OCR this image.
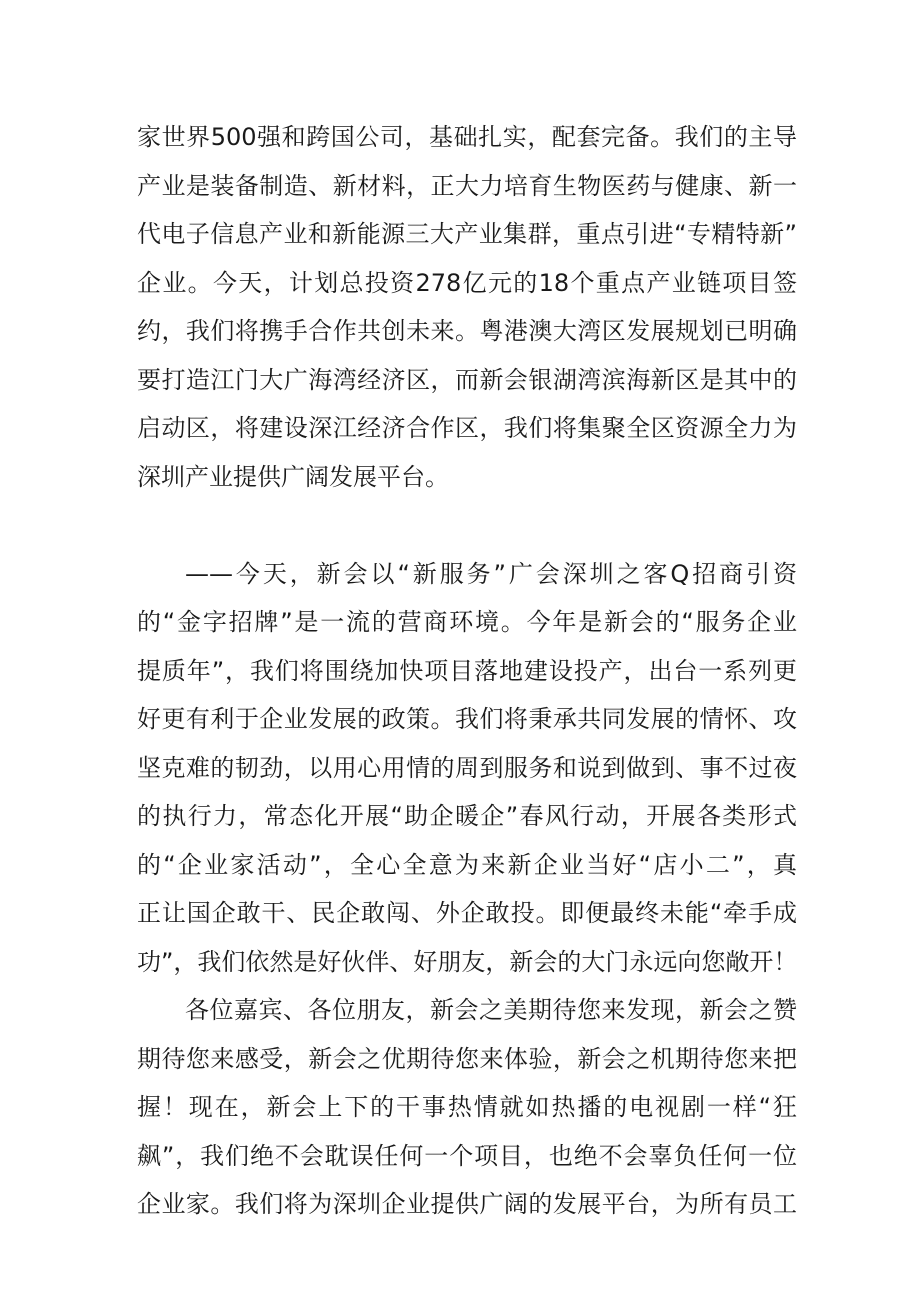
家世界500强和跨国公司，基础扎实，配套完备。我们的主导
产业是装备制造、新材料，正大力培育生物医药与健康、新一
代电子信息产业和新能源三大产业集群，重点引进“专精特新”
企业。今天，计划总投资278亿元的18个重点产业链项目签
约，我们将携手合作共创未来。粤港澳大湾区发展规划已明确
要打造江门大广海湾经济区，而新会银湖湾滨海新区是其中的
启动区，将建设深江经济合作区，我们将集聚全区资源全力为
深圳产业提供广阔发展平台。
——今天，新会以“新服务”广会深圳之客Q招商引资
的“金字招牌”是一流的营商环境。今年是新会的“服务企业
提质年”，我们将围绕加快项目落地建设投产，出台一系列更
好更有利于企业发展的政策。我们将秉承共同发展的情怀、攻
坚克难的韧劲，以用心用情的周到服务和说到做到、事不过夜
的执行力，常态化开展“助企暖企”春风行动，开展各类形式
的“企业家活动”，全心全意为来新企业当好“店小二”，真
正让国企敢干、民企敢闯、外企敢投。即便最终未能“牵手成
功”，我们依然是好伙伴、好朋友，新会的大门永远向您敞开！
各位嘉宾、各位朋友，新会之美期待您来发现，新会之赞
期待您来感受，新会之优期待您来体验，新会之机期待您来把
握！现在，新会上下的干事热情就如热播的电视剧一样“狂
飙”，我们绝不会耽误任何一个项目，也绝不会辜负任何一位
企业家。我们将为深圳企业提供广阔的发展平台，为所有员工
